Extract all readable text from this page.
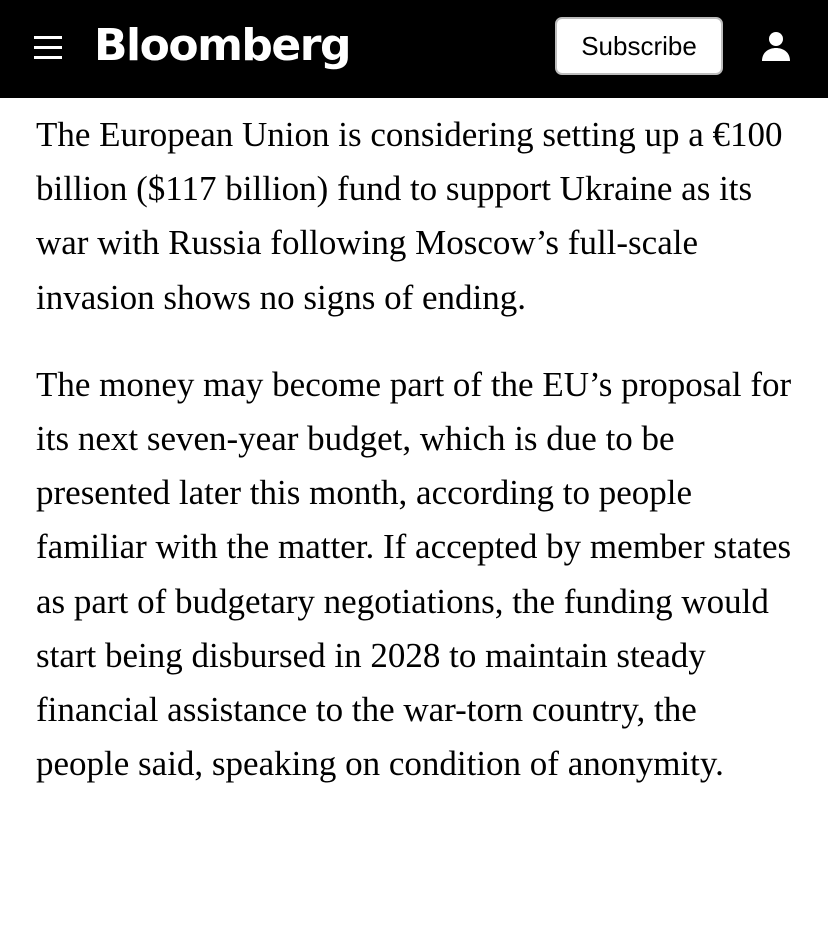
Bloomberg	Subscribe

The European Union is considering setting up a €100 billion ($117 billion) fund to support Ukraine as its war with Russia following Moscow’s full-scale invasion shows no signs of ending.

The money may become part of the EU’s proposal for its next seven-year budget, which is due to be presented later this month, according to people familiar with the matter. If accepted by member states as part of budgetary negotiations, the funding would start being disbursed in 2028 to maintain steady financial assistance to the war-torn country, the people said, speaking on condition of anonymity.
